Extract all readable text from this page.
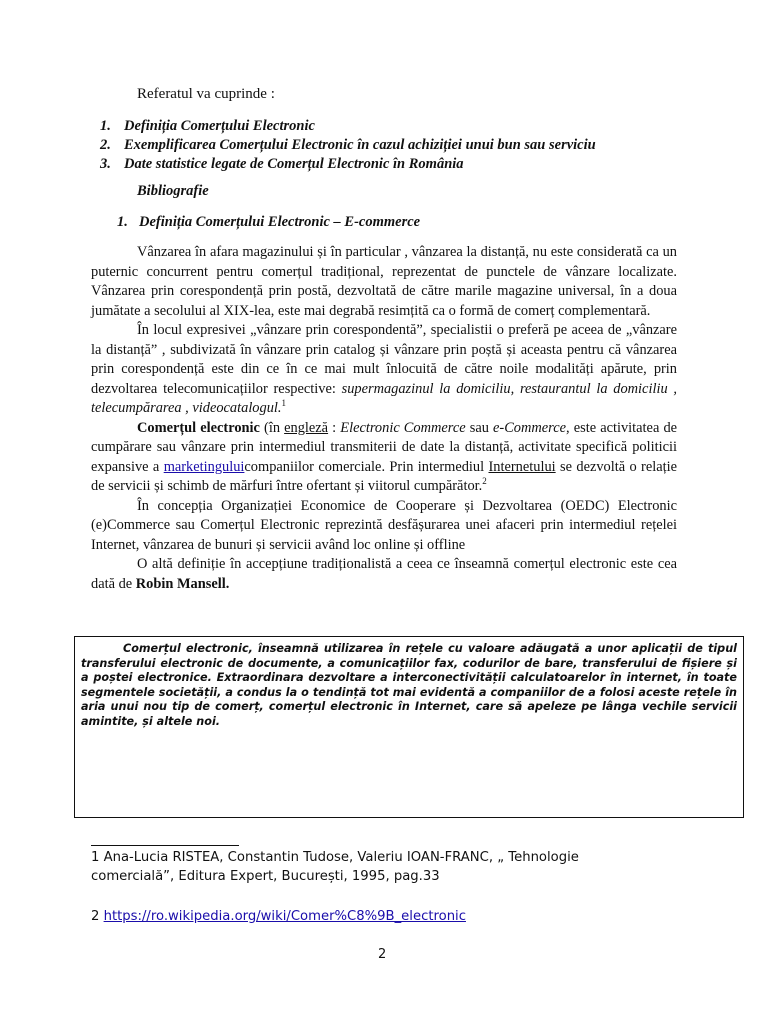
Referatul va cuprinde :
1. Definiția Comerțului Electronic
2. Exemplificarea Comerțului Electronic în cazul achiziției unui bun sau serviciu
3. Date statistice legate de Comerțul Electronic în România
Bibliografie
1. Definiția Comerțului Electronic – E-commerce

Vânzarea în afara magazinului și în particular , vânzarea la distanță, nu este considerată ca un puternic concurrent pentru comerțul tradițional, reprezentat de punctele de vânzare localizate. Vânzarea prin corespondență prin postă, dezvoltată de către marile magazine universal, în a doua jumătate a secolului al XIX-lea, este mai degrabă resimțită ca o formă de comerț complementară.

În locul expresivei „vânzare prin corespondentă”, specialistii o preferă pe aceea de „vânzare la distanță” , subdivizată în vânzare prin catalog și vânzare prin poștă și aceasta pentru că vânzarea prin corespondență este din ce în ce mai mult înlocuită de către noile modalități apărute, prin dezvoltarea telecomunicațiilor respective: supermagazinul la domiciliu, restaurantul la domiciliu , telecumpărarea , videocatalogul.$^1$

Comerțul electronic (în engleză : Electronic Commerce sau e-Commerce, este activitatea de cumpărare sau vânzare prin intermediul transmiterii de date la distanță, activitate specifică politicii expansive a marketinguluicompaniilor comerciale. Prin intermediul Internetului se dezvoltă o relație de servicii și schimb de mărfuri între ofertant și viitorul cumpărător.$^2$

În concepția Organizației Economice de Cooperare și Dezvoltarea (OEDC) Electronic (e)Commerce sau Comerțul Electronic reprezintă desfășurarea unei afaceri prin intermediul rețelei Internet, vânzarea de bunuri și servicii având loc online și offline

O altă definiție în accepțiune tradiționalistă a ceea ce înseamnă comerțul electronic este cea dată de Robin Mansell.

Comerțul electronic, înseamnă utilizarea în rețele cu valoare adăugată a unor aplicații de tipul transferului electronic de documente, a comunicațiilor fax, codurilor de bare, transferului de fișiere și a poștei electronice. Extraordinara dezvoltare a interconectivității calculatoarelor în internet, în toate segmentele societății, a condus la o tendință tot mai evidentă a companiilor de a folosi aceste rețele în aria unui nou tip de comerț, comerțul electronic în Internet, care să apeleze pe lânga vechile servicii amintite, și altele noi.

1 Ana-Lucia RISTEA, Constantin Tudose, Valeriu IOAN-FRANC, „ Tehnologie comercială”, Editura Expert, București, 1995, pag.33
2 https://ro.wikipedia.org/wiki/Comer%C8%9B_electronic
2
